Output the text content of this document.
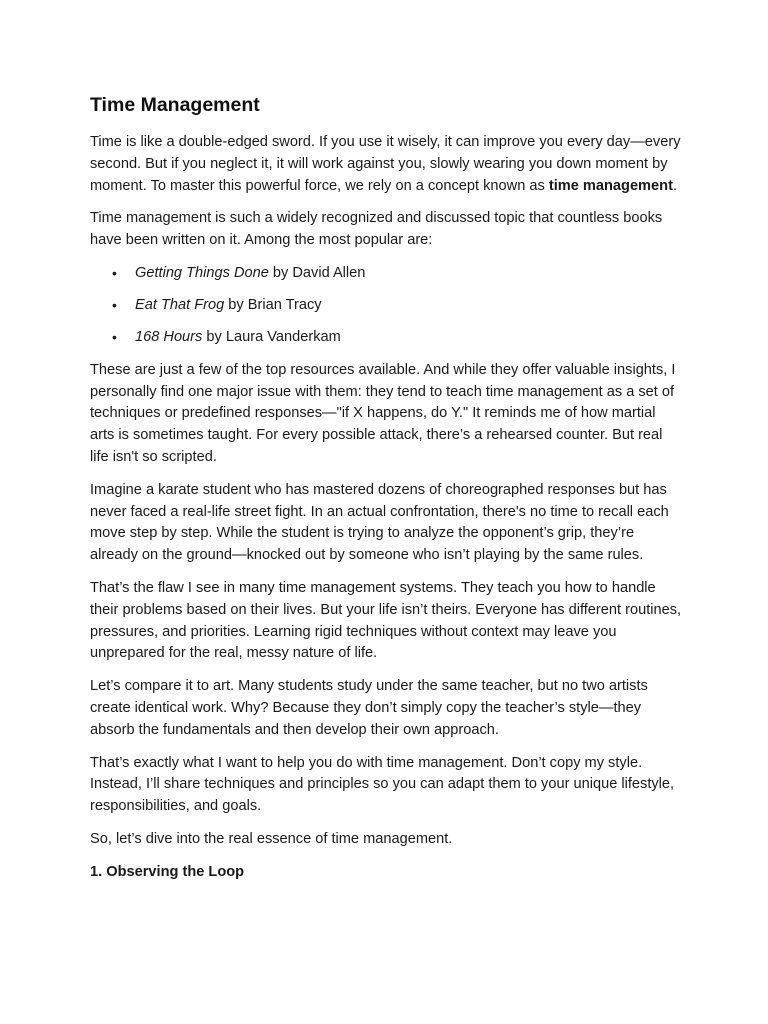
Time Management

Time is like a double-edged sword. If you use it wisely, it can improve you every day—every second. But if you neglect it, it will work against you, slowly wearing you down moment by moment. To master this powerful force, we rely on a concept known as time management.

Time management is such a widely recognized and discussed topic that countless books have been written on it. Among the most popular are:

• Getting Things Done by David Allen
• Eat That Frog by Brian Tracy
• 168 Hours by Laura Vanderkam

These are just a few of the top resources available. And while they offer valuable insights, I personally find one major issue with them: they tend to teach time management as a set of techniques or predefined responses—"if X happens, do Y." It reminds me of how martial arts is sometimes taught. For every possible attack, there’s a rehearsed counter. But real life isn't so scripted.

Imagine a karate student who has mastered dozens of choreographed responses but has never faced a real-life street fight. In an actual confrontation, there's no time to recall each move step by step. While the student is trying to analyze the opponent’s grip, they’re already on the ground—knocked out by someone who isn’t playing by the same rules.

That’s the flaw I see in many time management systems. They teach you how to handle their problems based on their lives. But your life isn’t theirs. Everyone has different routines, pressures, and priorities. Learning rigid techniques without context may leave you unprepared for the real, messy nature of life.

Let’s compare it to art. Many students study under the same teacher, but no two artists create identical work. Why? Because they don’t simply copy the teacher’s style—they absorb the fundamentals and then develop their own approach.

That’s exactly what I want to help you do with time management. Don’t copy my style. Instead, I’ll share techniques and principles so you can adapt them to your unique lifestyle, responsibilities, and goals.

So, let’s dive into the real essence of time management.

1. Observing the Loop
